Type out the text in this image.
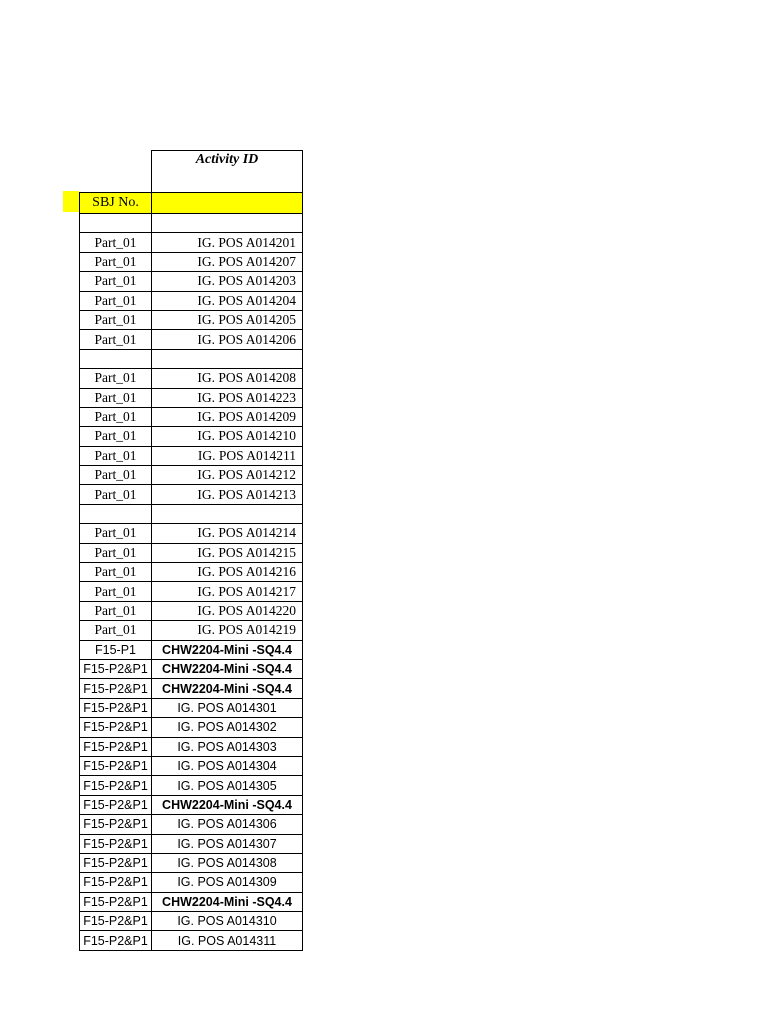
	Activity ID
SBJ No.	

Part_01	IG. POS A014201
Part_01	IG. POS A014207
Part_01	IG. POS A014203
Part_01	IG. POS A014204
Part_01	IG. POS A014205
Part_01	IG. POS A014206

Part_01	IG. POS A014208
Part_01	IG. POS A014223
Part_01	IG. POS A014209
Part_01	IG. POS A014210
Part_01	IG. POS A014211
Part_01	IG. POS A014212
Part_01	IG. POS A014213

Part_01	IG. POS A014214
Part_01	IG. POS A014215
Part_01	IG. POS A014216
Part_01	IG. POS A014217
Part_01	IG. POS A014220
Part_01	IG. POS A014219
F15-P1	CHW2204-Mini -SQ4.4
F15-P2&P1	CHW2204-Mini -SQ4.4
F15-P2&P1	CHW2204-Mini -SQ4.4
F15-P2&P1	IG. POS A014301
F15-P2&P1	IG. POS A014302
F15-P2&P1	IG. POS A014303
F15-P2&P1	IG. POS A014304
F15-P2&P1	IG. POS A014305
F15-P2&P1	CHW2204-Mini -SQ4.4
F15-P2&P1	IG. POS A014306
F15-P2&P1	IG. POS A014307
F15-P2&P1	IG. POS A014308
F15-P2&P1	IG. POS A014309
F15-P2&P1	CHW2204-Mini -SQ4.4
F15-P2&P1	IG. POS A014310
F15-P2&P1	IG. POS A014311
